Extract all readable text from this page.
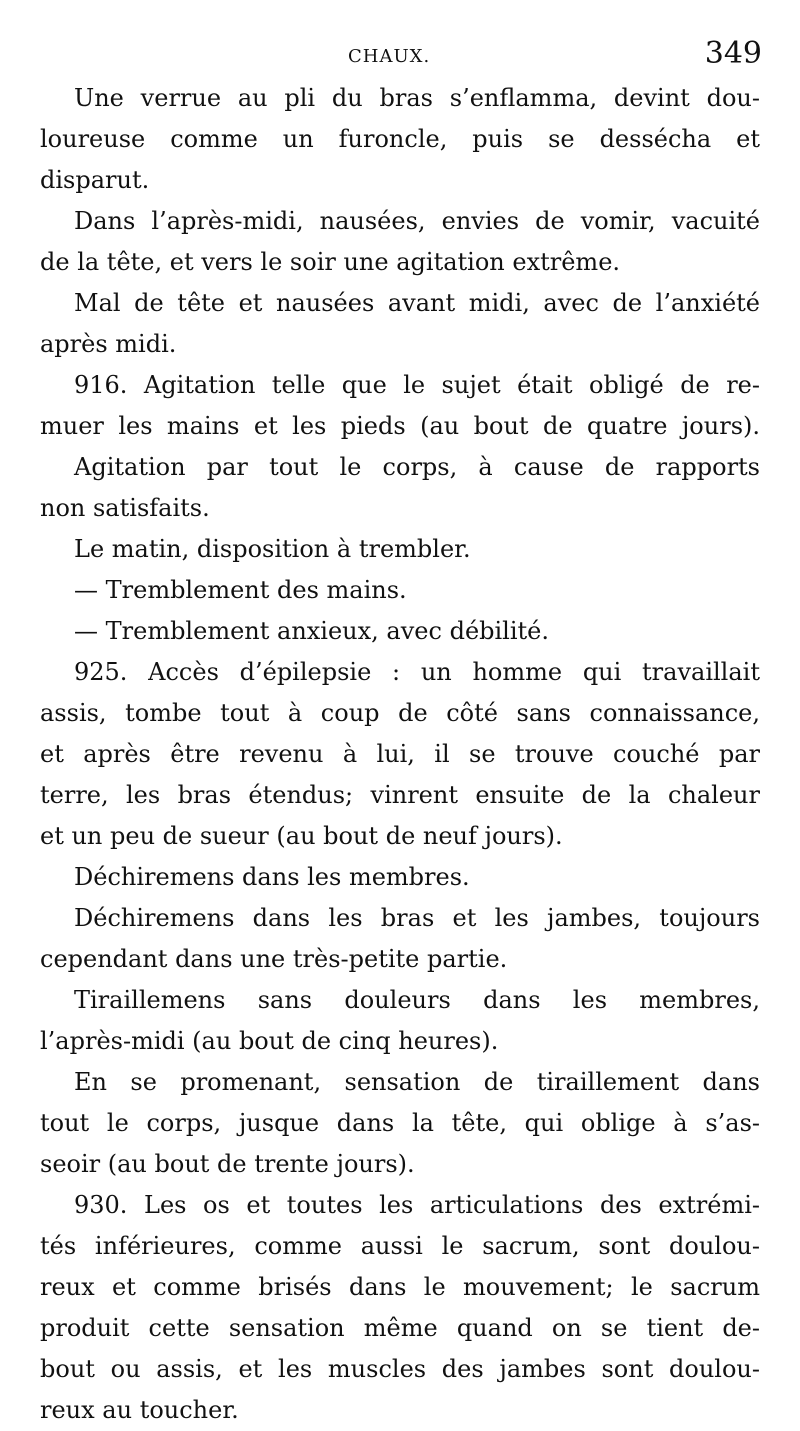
CHAUX.	349
Une verrue au pli du bras s’enflamma, devint dou-
loureuse comme un furoncle, puis se dessécha et
disparut.
Dans l’après-midi, nausées, envies de vomir, vacuité
de la tête, et vers le soir une agitation extrême.
Mal de tête et nausées avant midi, avec de l’anxiété
après midi.
916. Agitation telle que le sujet était obligé de re-
muer les mains et les pieds (au bout de quatre jours).
Agitation par tout le corps, à cause de rapports
non satisfaits.
Le matin, disposition à trembler.
— Tremblement des mains.
— Tremblement anxieux, avec débilité.
925. Accès d’épilepsie : un homme qui travaillait
assis, tombe tout à coup de côté sans connaissance,
et après être revenu à lui, il se trouve couché par
terre, les bras étendus; vinrent ensuite de la chaleur
et un peu de sueur (au bout de neuf jours).
Déchiremens dans les membres.
Déchiremens dans les bras et les jambes, toujours
cependant dans une très-petite partie.
Tiraillemens sans douleurs dans les membres,
l’après-midi (au bout de cinq heures).
En se promenant, sensation de tiraillement dans
tout le corps, jusque dans la tête, qui oblige à s’as-
seoir (au bout de trente jours).
930. Les os et toutes les articulations des extrémi-
tés inférieures, comme aussi le sacrum, sont doulou-
reux et comme brisés dans le mouvement; le sacrum
produit cette sensation même quand on se tient de-
bout ou assis, et les muscles des jambes sont doulou-
reux au toucher.
